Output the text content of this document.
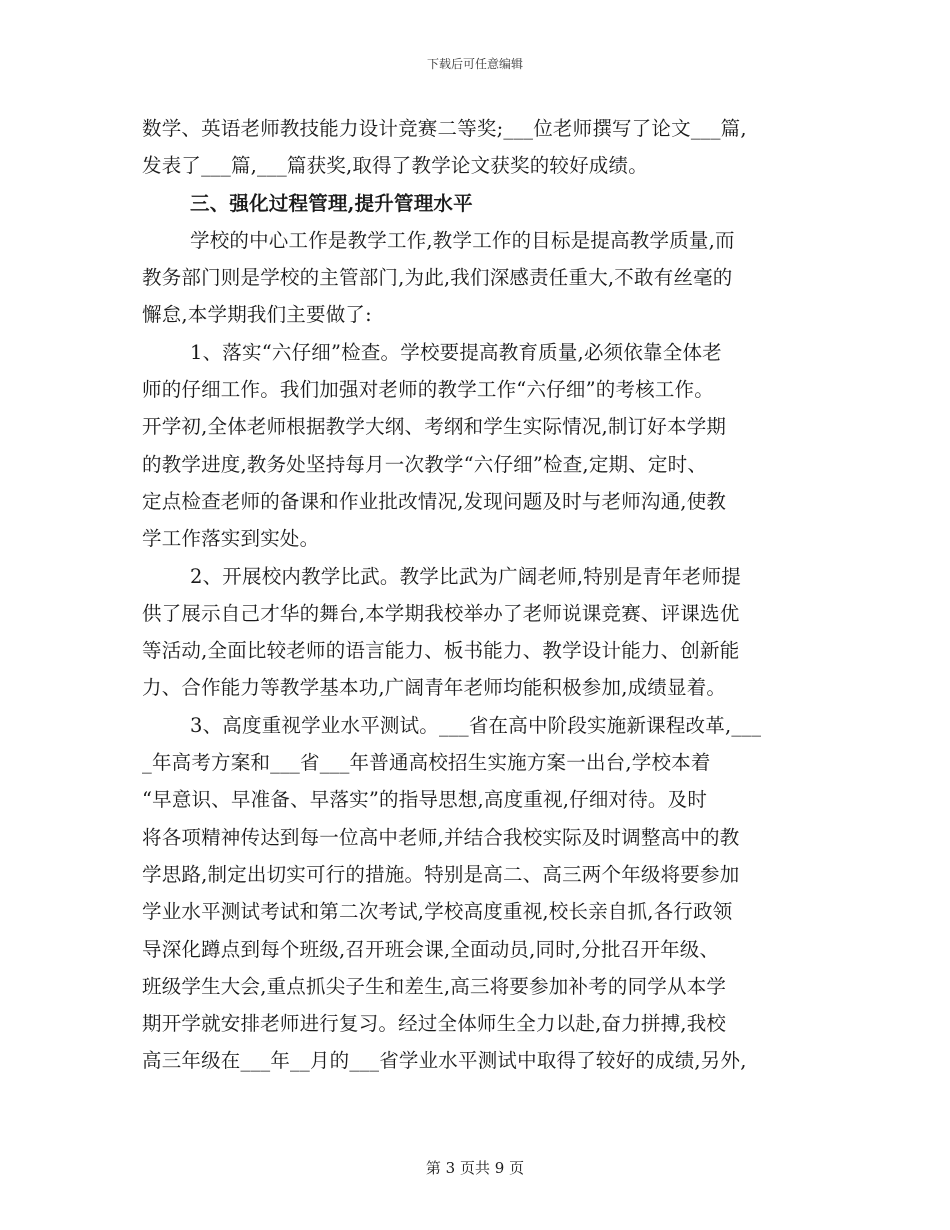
下载后可任意编辑
数学、英语老师教技能力设计竞赛二等奖;___位老师撰写了论文___篇,
发表了___篇,___篇获奖,取得了教学论文获奖的较好成绩。
三、强化过程管理,提升管理水平
学校的中心工作是教学工作,教学工作的目标是提高教学质量,而
教务部门则是学校的主管部门,为此,我们深感责任重大,不敢有丝毫的
懈怠,本学期我们主要做了:
1、落实“六仔细”检查。学校要提高教育质量,必须依靠全体老
师的仔细工作。我们加强对老师的教学工作“六仔细”的考核工作。
开学初,全体老师根据教学大纲、考纲和学生实际情况,制订好本学期
的教学进度,教务处坚持每月一次教学“六仔细”检查,定期、定时、
定点检查老师的备课和作业批改情况,发现问题及时与老师沟通,使教
学工作落实到实处。
2、开展校内教学比武。教学比武为广阔老师,特别是青年老师提
供了展示自己才华的舞台,本学期我校举办了老师说课竞赛、评课选优
等活动,全面比较老师的语言能力、板书能力、教学设计能力、创新能
力、合作能力等教学基本功,广阔青年老师均能积极参加,成绩显着。
3、高度重视学业水平测试。___省在高中阶段实施新课程改革,___
_年高考方案和___省___年普通高校招生实施方案一出台,学校本着
“早意识、早准备、早落实”的指导思想,高度重视,仔细对待。及时
将各项精神传达到每一位高中老师,并结合我校实际及时调整高中的教
学思路,制定出切实可行的措施。特别是高二、高三两个年级将要参加
学业水平测试考试和第二次考试,学校高度重视,校长亲自抓,各行政领
导深化蹲点到每个班级,召开班会课,全面动员,同时,分批召开年级、
班级学生大会,重点抓尖子生和差生,高三将要参加补考的同学从本学
期开学就安排老师进行复习。经过全体师生全力以赴,奋力拼搏,我校
高三年级在___年__月的___省学业水平测试中取得了较好的成绩,另外,
第 3 页共 9 页
